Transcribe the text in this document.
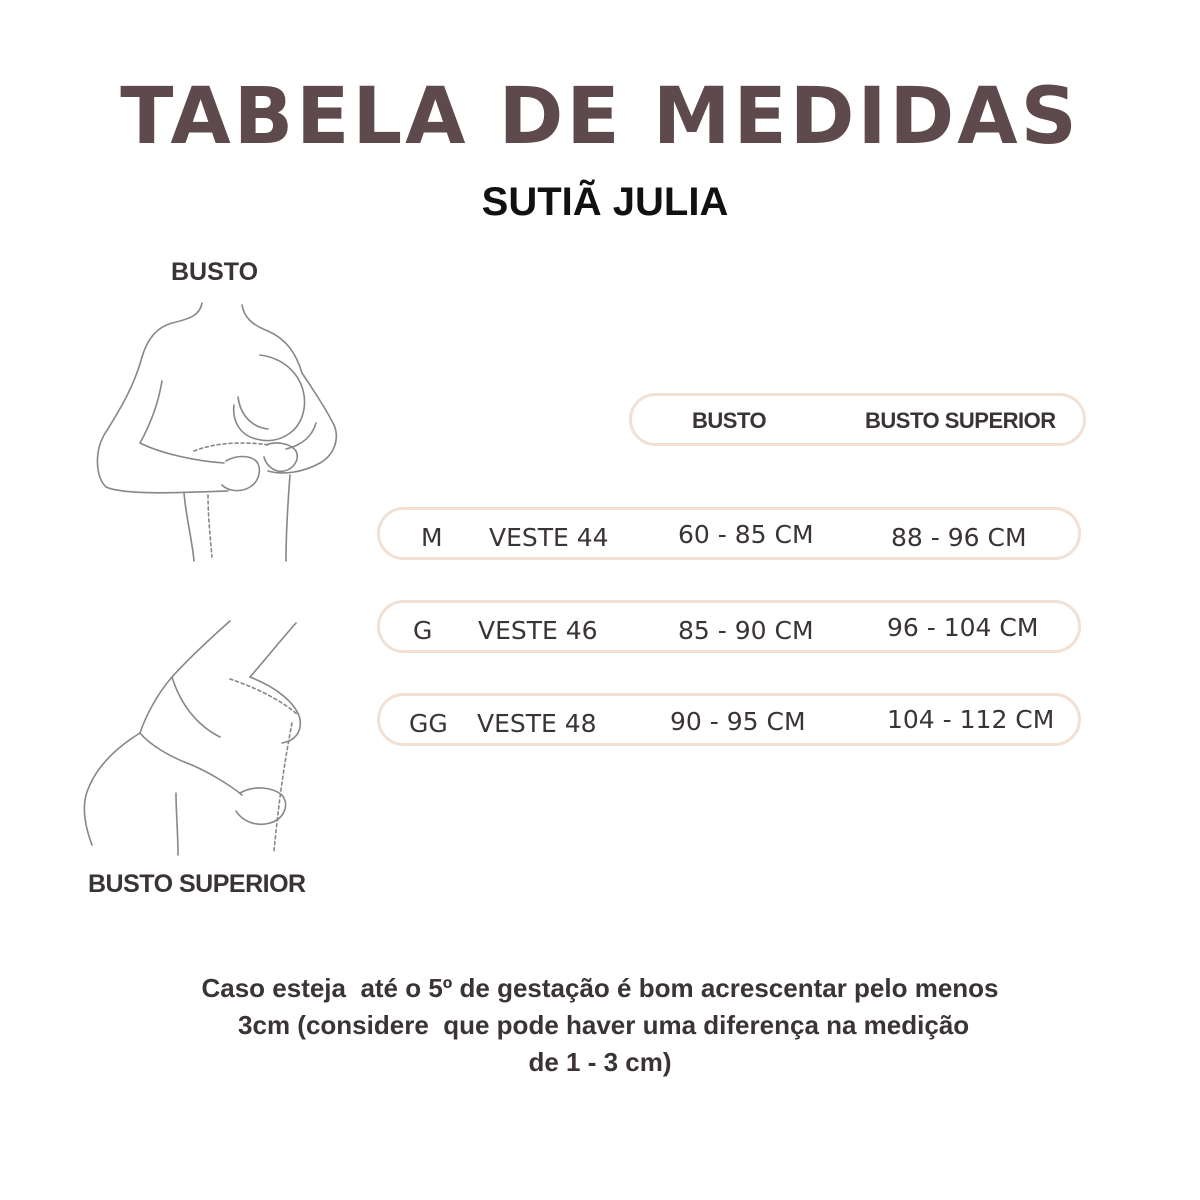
TABELA DE MEDIDAS
SUTIÃ JULIA
BUSTO
BUSTO SUPERIOR
BUSTO	BUSTO SUPERIOR
M VESTE 44	60 - 85 CM	88 - 96 CM
G VESTE 46	85 - 90 CM	96 - 104 CM
GG VESTE 48	90 - 95 CM	104 - 112 CM
Caso esteja  até o 5º de gestação é bom acrescentar pelo menos
3cm (considere  que pode haver uma diferença na medição
de 1 - 3 cm)
